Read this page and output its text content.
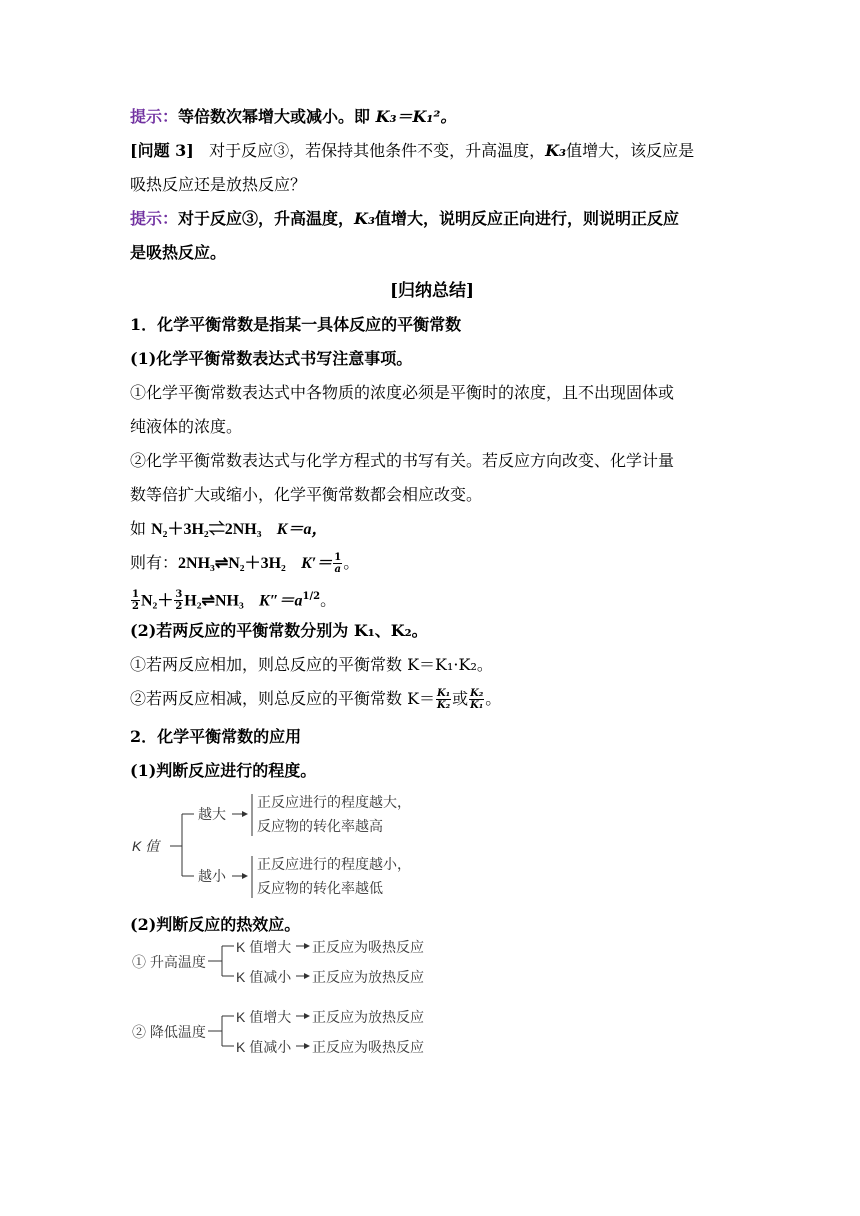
提示：等倍数次幂增大或减小。即 K₃＝K₁²。
[问题 3] 对于反应③，若保持其他条件不变，升高温度，K₃值增大，该反应是
吸热反应还是放热反应？
提示：对于反应③，升高温度，K₃值增大，说明反应正向进行，则说明正反应
是吸热反应。
[归纳总结]
1．化学平衡常数是指某一具体反应的平衡常数
(1)化学平衡常数表达式书写注意事项。
①化学平衡常数表达式中各物质的浓度必须是平衡时的浓度，且不出现固体或
纯液体的浓度。
②化学平衡常数表达式与化学方程式的书写有关。若反应方向改变、化学计量
数等倍扩大或缩小，化学平衡常数都会相应改变。
如 N₂＋3H₂⇌2NH₃ K＝a，
则有：2NH₃⇌N₂＋3H₂ $K'= \frac{1}{a}$ 。
$\frac{1}{2} N_2+ \frac{3}{2}$ H₂⇌NH₃ $K''=a^{1/2}$。
(2)若两反应的平衡常数分别为 K₁、K₂。
①若两反应相加，则总反应的平衡常数 K＝K₁·K₂。
②若两反应相减，则总反应的平衡常数 $K= \frac{\text{K₁}}{\text{K₂}}$ 或 $\frac{\text{K₂}}{\text{K₁}}$ 。
2．化学平衡常数的应用
(1)判断反应进行的程度。
K 值
越大
越小
正反应进行的程度越大，
反应物的转化率越高
正反应进行的程度越小，
反应物的转化率越低
(2)判断反应的热效应。
① 升高温度
K 值增大 正反应为吸热反应
K 值减小 正反应为放热反应
② 降低温度
K 值增大 正反应为放热反应
K 值减小 正反应为吸热反应
